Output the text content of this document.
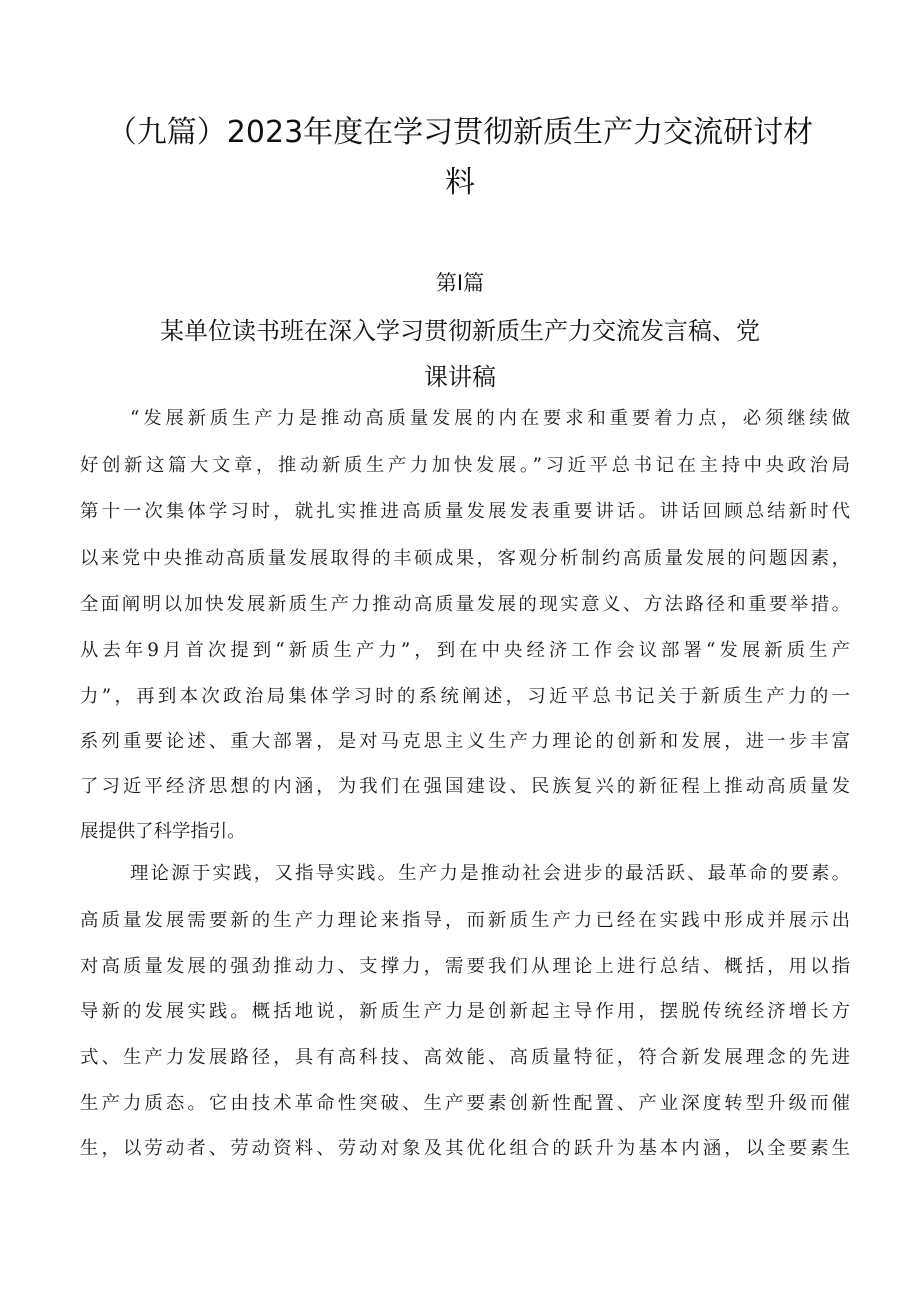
（九篇）2023年度在学习贯彻新质生产力交流研讨材
料
第I篇
某单位读书班在深入学习贯彻新质生产力交流发言稿、党
课讲稿
“发展新质生产力是推动高质量发展的内在要求和重要着力点，必须继续做
好创新这篇大文章，推动新质生产力加快发展。”习近平总书记在主持中央政治局
第十一次集体学习时，就扎实推进高质量发展发表重要讲话。讲话回顾总结新时代
以来党中央推动高质量发展取得的丰硕成果，客观分析制约高质量发展的问题因素，
全面阐明以加快发展新质生产力推动高质量发展的现实意义、方法路径和重要举措。
从去年9月首次提到“新质生产力”，到在中央经济工作会议部署“发展新质生产
力”，再到本次政治局集体学习时的系统阐述，习近平总书记关于新质生产力的一
系列重要论述、重大部署，是对马克思主义生产力理论的创新和发展，进一步丰富
了习近平经济思想的内涵，为我们在强国建设、民族复兴的新征程上推动高质量发
展提供了科学指引。
理论源于实践，又指导实践。生产力是推动社会进步的最活跃、最革命的要素。
高质量发展需要新的生产力理论来指导，而新质生产力已经在实践中形成并展示出
对高质量发展的强劲推动力、支撑力，需要我们从理论上进行总结、概括，用以指
导新的发展实践。概括地说，新质生产力是创新起主导作用，摆脱传统经济增长方
式、生产力发展路径，具有高科技、高效能、高质量特征，符合新发展理念的先进
生产力质态。它由技术革命性突破、生产要素创新性配置、产业深度转型升级而催
生，以劳动者、劳动资料、劳动对象及其优化组合的跃升为基本内涵，以全要素生
